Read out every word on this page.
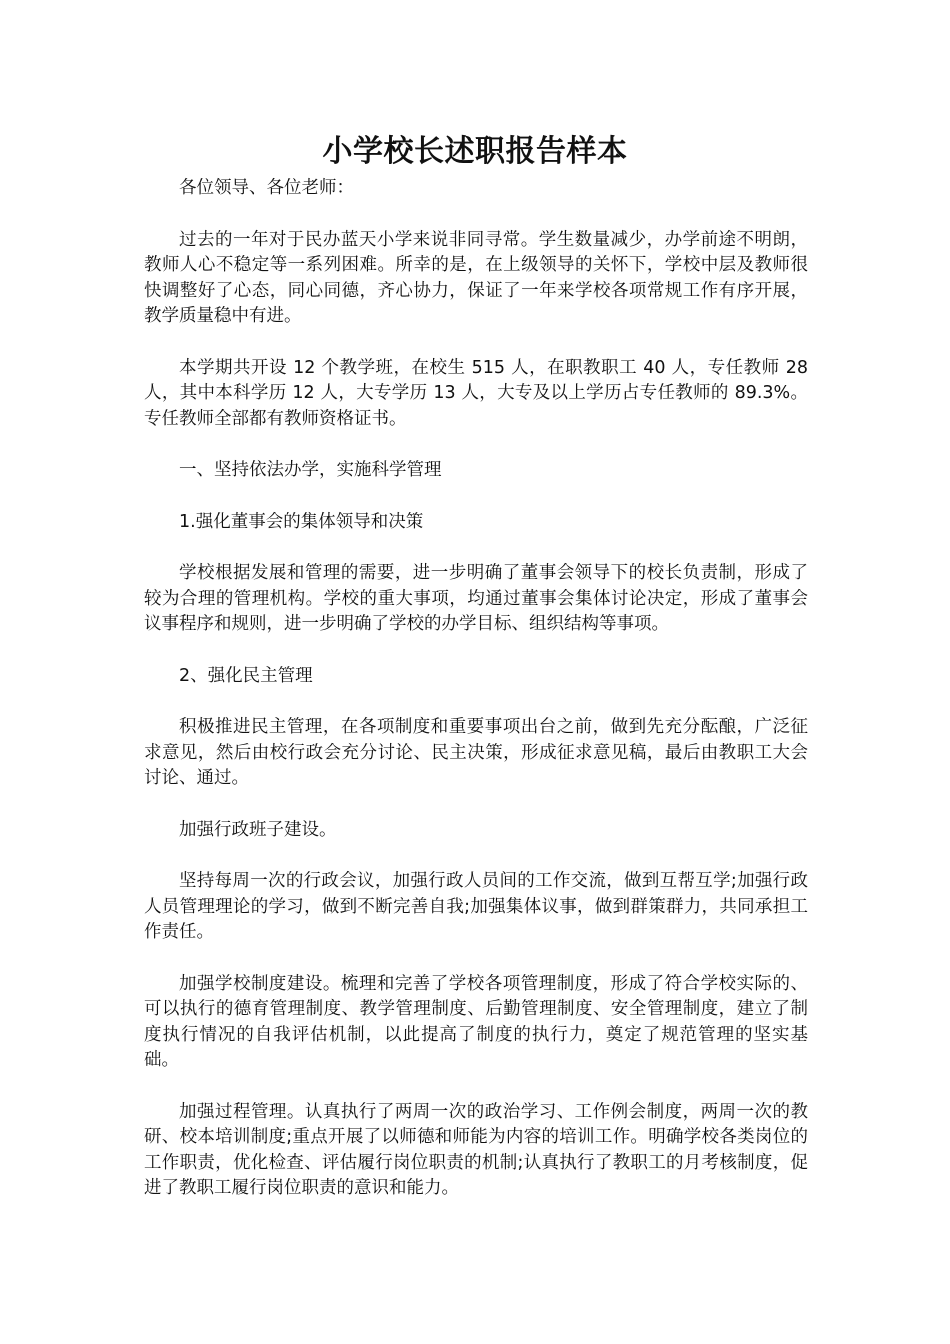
小学校长述职报告样本

各位领导、各位老师：

过去的一年对于民办蓝天小学来说非同寻常。学生数量减少，办学前途不明朗，教师人心不稳定等一系列困难。所幸的是，在上级领导的关怀下，学校中层及教师很快调整好了心态，同心同德，齐心协力，保证了一年来学校各项常规工作有序开展，教学质量稳中有进。

本学期共开设 12 个教学班，在校生 515 人，在职教职工 40 人，专任教师 28 人，其中本科学历 12 人，大专学历 13 人，大专及以上学历占专任教师的 89.3%。专任教师全部都有教师资格证书。

一、坚持依法办学，实施科学管理

1.强化董事会的集体领导和决策

学校根据发展和管理的需要，进一步明确了董事会领导下的校长负责制，形成了较为合理的管理机构。学校的重大事项，均通过董事会集体讨论决定，形成了董事会议事程序和规则，进一步明确了学校的办学目标、组织结构等事项。

2、强化民主管理

积极推进民主管理，在各项制度和重要事项出台之前，做到先充分酝酿，广泛征求意见，然后由校行政会充分讨论、民主决策，形成征求意见稿，最后由教职工大会讨论、通过。

加强行政班子建设。

坚持每周一次的行政会议，加强行政人员间的工作交流，做到互帮互学;加强行政人员管理理论的学习，做到不断完善自我;加强集体议事，做到群策群力，共同承担工作责任。

加强学校制度建设。梳理和完善了学校各项管理制度，形成了符合学校实际的、可以执行的德育管理制度、教学管理制度、后勤管理制度、安全管理制度，建立了制度执行情况的自我评估机制，以此提高了制度的执行力，奠定了规范管理的坚实基础。

加强过程管理。认真执行了两周一次的政治学习、工作例会制度，两周一次的教研、校本培训制度;重点开展了以师德和师能为内容的培训工作。明确学校各类岗位的工作职责，优化检查、评估履行岗位职责的机制;认真执行了教职工的月考核制度，促进了教职工履行岗位职责的意识和能力。
